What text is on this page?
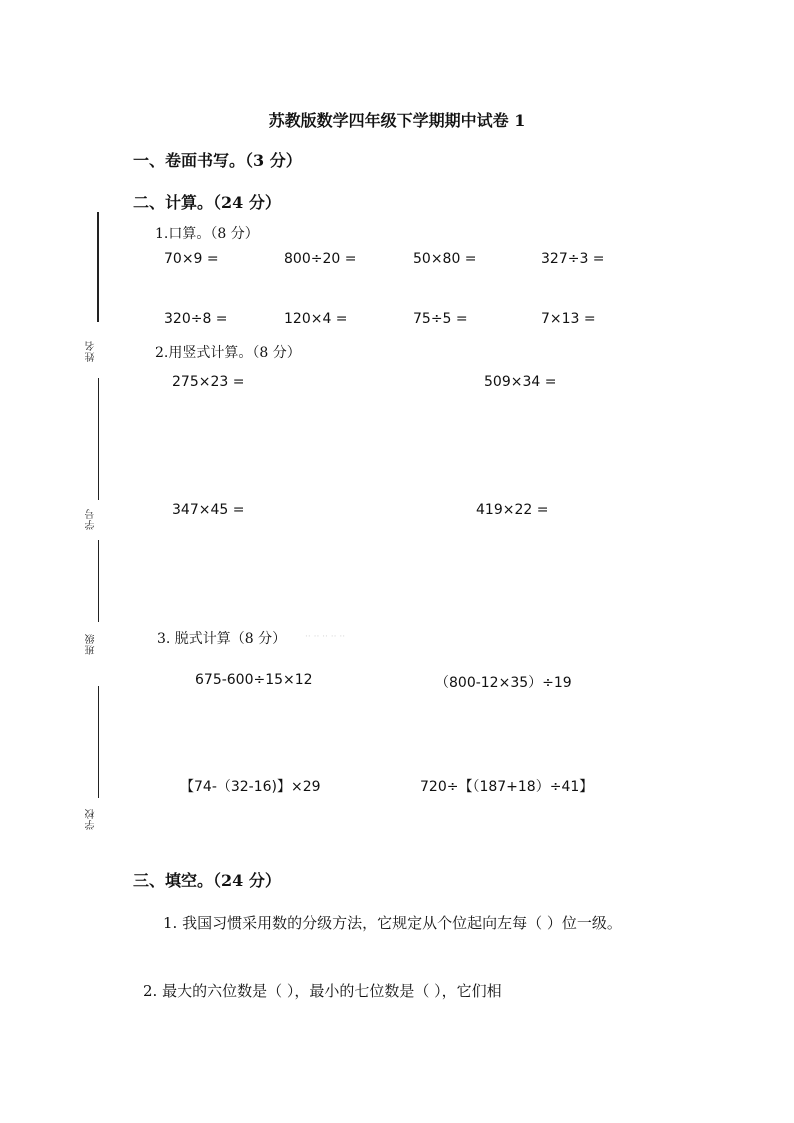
姓名
学号
班级
学校
苏教版数学四年级下学期期中试卷 1
一、卷面书写。（3 分）
二、计算。（24 分）
1.口算。（8 分）
70×9 =	800÷20 =	50×80 =	327÷3 =
320÷8 =	120×4 =	75÷5 =	7×13 =
2.用竖式计算。（8 分）
275×23 =	509×34 =
347×45 =	419×22 =
3. 脱式计算（8 分） ·· ·· ·· ·· ··
675-600÷15×12	（800-12×35）÷19
【74-（32-16)】×29	720÷【（187+18）÷41】
三、填空。（24 分）
1. 我国习惯采用数的分级方法，它规定从个位起向左每（ ）位一级。
2. 最大的六位数是（ ），最小的七位数是（ ），它们相
